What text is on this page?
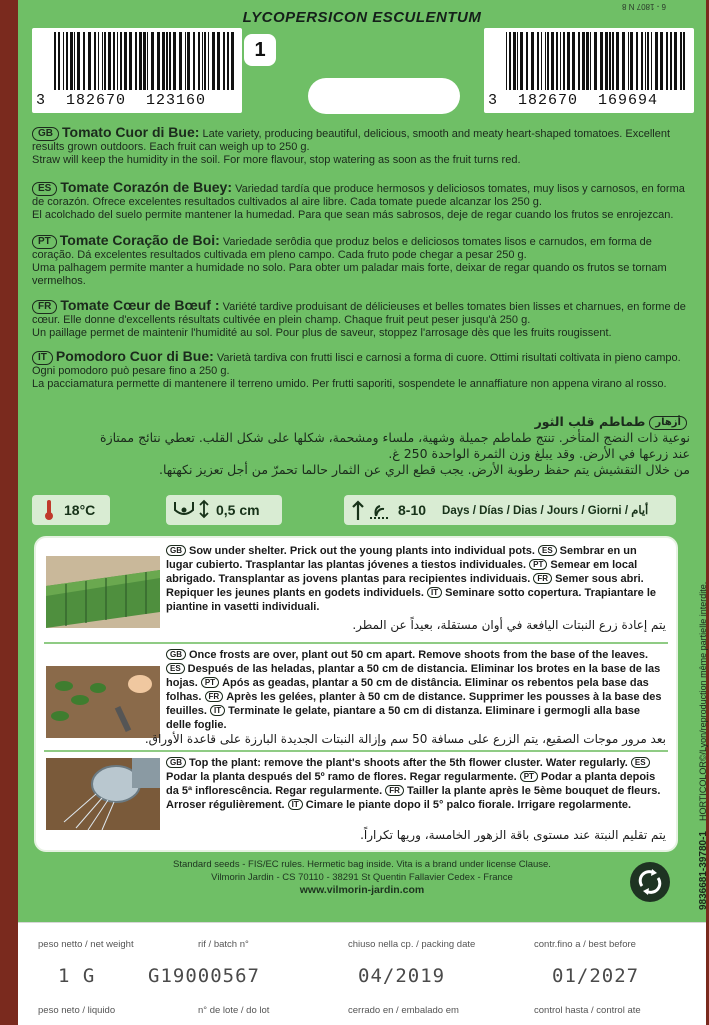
LYCOPERSICON ESCULENTUM
6 - 1807 N 8
3  182670  123160
1
3  182670  169694
GB Tomato Cuor di Bue: Late variety, producing beautiful, delicious, smooth and meaty heart-shaped tomatoes. Excellent results grown outdoors. Each fruit can weigh up to 250 g.
Straw will keep the humidity in the soil. For more flavour, stop watering as soon as the fruit turns red.
ES Tomate Corazón de Buey: Variedad tardía que produce hermosos y deliciosos tomates, muy lisos y carnosos, en forma de corazón. Ofrece excelentes resultados cultivados al aire libre. Cada tomate puede alcanzar los 250 g.
El acolchado del suelo permite mantener la humedad. Para que sean más sabrosos, deje de regar cuando los frutos se enrojezcan.
PT Tomate Coração de Boi: Variedade serôdia que produz belos e deliciosos tomates lisos e carnudos, em forma de coração. Dá excelentes resultados cultivada em pleno campo. Cada fruto pode chegar a pesar 250 g.
Uma palhagem permite manter a humidade no solo. Para obter um paladar mais forte, deixar de regar quando os frutos se tornam vermelhos.
FR Tomate Cœur de Bœuf : Variété tardive produisant de délicieuses et belles tomates bien lisses et charnues, en forme de cœur. Elle donne d'excellents résultats cultivée en plein champ. Chaque fruit peut peser jusqu'à 250 g.
Un paillage permet de maintenir l'humidité au sol. Pour plus de saveur, stoppez l'arrosage dès que les fruits rougissent.
IT Pomodoro Cuor di Bue: Varietà tardiva con frutti lisci e carnosi a forma di cuore. Ottimi risultati coltivata in pieno campo. Ogni pomodoro può pesare fino a 250 g.
La pacciamatura permette di mantenere il terreno umido. Per frutti saporiti, sospendete le annaffiature non appena virano al rosso.
أزهار طماطم قلب الثور
نوعية ذات النضج المتأخر. تنتج طماطم جميلة وشهية، ملساء ومشحمة، شكلها على شكل القلب. تعطي نتائج ممتازة
عند زرعها في الأرض. وقد يبلغ وزن الثمرة الواحدة 250 غ.
من خلال التقشيش يتم حفظ رطوبة الأرض. يجب قطع الري عن الثمار حالما تحمرّ من أجل تعزيز نكهتها.
18°C	0,5 cm	8-10 Days / Días / Dias / Jours / Giorni / أيام
GB Sow under shelter. Prick out the young plants into individual pots. ES Sembrar en un lugar cubierto. Trasplantar las plantas jóvenes a tiestos individuales. PT Semear em local abrigado. Transplantar as jovens plantas para recipientes individuais. FR Semer sous abri. Repiquer les jeunes plants en godets individuels. IT Seminare sotto copertura. Trapiantare le piantine in vasetti individuali.
يتم إعادة زرع النبتات اليافعة في أوان مستقلة، بعيداً عن المطر.
GB Once frosts are over, plant out 50 cm apart. Remove shoots from the base of the leaves. ES Después de las heladas, plantar a 50 cm de distancia. Eliminar los brotes en la base de las hojas. PT Após as geadas, plantar a 50 cm de distância. Eliminar os rebentos pela base das folhas. FR Après les gelées, planter à 50 cm de distance. Supprimer les pousses à la base des feuilles. IT Terminate le gelate, piantare a 50 cm di distanza. Eliminare i germogli alla base delle foglie.
بعد مرور موجات الصقيع، يتم الزرع على مسافة 50 سم وإزالة النبتات الجديدة البارزة على قاعدة الأوراق.
GB Top the plant: remove the plant's shoots after the 5th flower cluster. Water regularly. ESPodar la planta después del 5º ramo de flores. Regar regularmente. PT Podar a planta depois da 5ª inflorescência. Regar regularmente. FR Tailler la plante après le 5ème bouquet de fleurs. Arroser régulièrement. IT Cimare le piante dopo il 5° palco fiorale. Irrigare regolarmente.
يتم تقليم النبتة عند مستوى باقة الزهور الخامسة، وريها تكراراً.
Standard seeds - FIS/EC rules. Hermetic bag inside. Vita is a brand under license Clause.
Vilmorin Jardin - CS 70110 - 38291 St Quentin Fallavier Cedex - France
www.vilmorin-jardin.com	9836681-39780-1    HORTICOLOR©/Lyon/reproduction même partielle interdite.
peso netto / net weight	rif / batch n°	chiuso nella cp. / packing date	contr.fino a / best before
1 G	G19000567	04/2019	01/2027
peso neto / liquido	n° de lote / do lot	cerrado en / embalado em	control hasta / control ate
